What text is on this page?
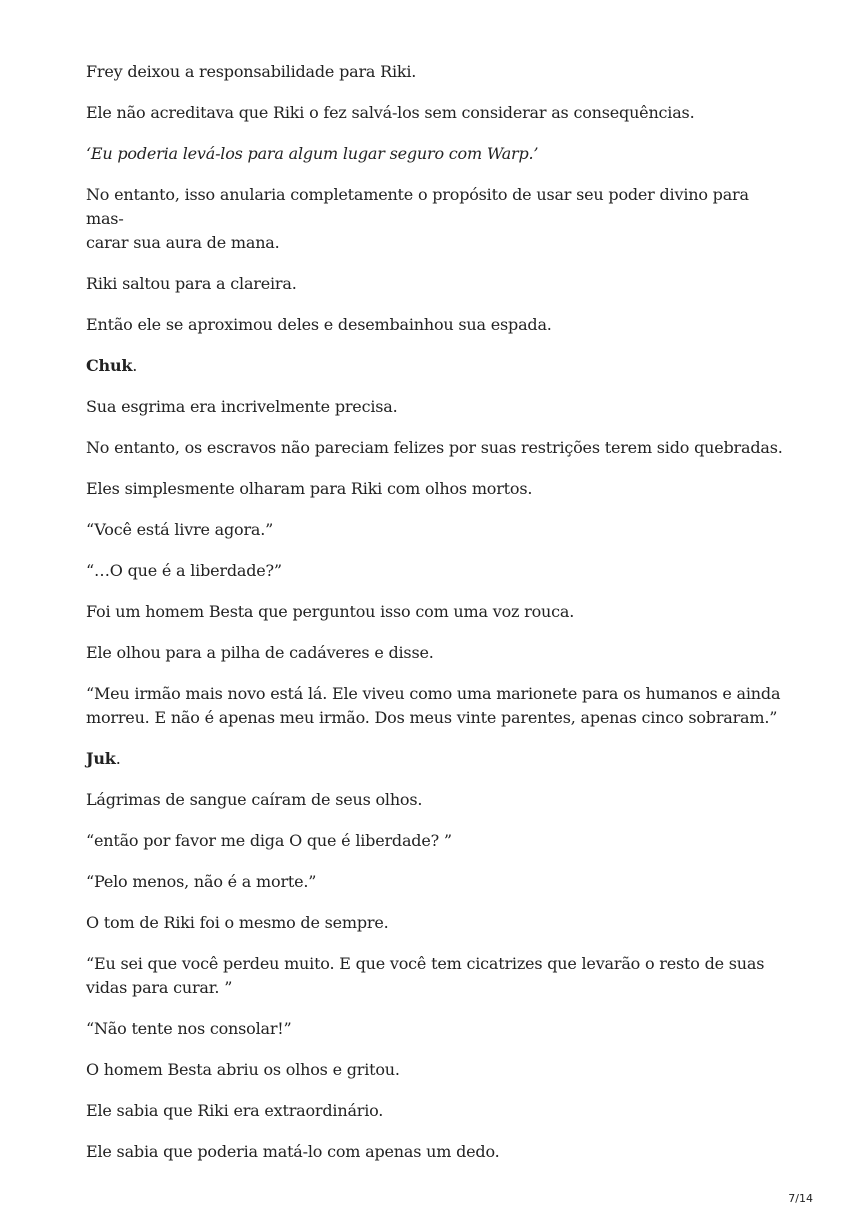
Frey deixou a responsabilidade para Riki.

Ele não acreditava que Riki o fez salvá-los sem considerar as consequências.

‘Eu poderia levá-los para algum lugar seguro com Warp.’

No entanto, isso anularia completamente o propósito de usar seu poder divino para mas-
carar sua aura de mana.

Riki saltou para a clareira.

Então ele se aproximou deles e desembainhou sua espada.

Chuk.

Sua esgrima era incrivelmente precisa.

No entanto, os escravos não pareciam felizes por suas restrições terem sido quebradas.

Eles simplesmente olharam para Riki com olhos mortos.

“Você está livre agora.”

“…O que é a liberdade?”

Foi um homem Besta que perguntou isso com uma voz rouca.

Ele olhou para a pilha de cadáveres e disse.

“Meu irmão mais novo está lá. Ele viveu como uma marionete para os humanos e ainda morreu. E não é apenas meu irmão. Dos meus vinte parentes, apenas cinco sobraram.”

Juk.

Lágrimas de sangue caíram de seus olhos.

“então por favor me diga O que é liberdade? ”

“Pelo menos, não é a morte.”

O tom de Riki foi o mesmo de sempre.

“Eu sei que você perdeu muito. E que você tem cicatrizes que levarão o resto de suas vidas para curar. ”

“Não tente nos consolar!”

O homem Besta abriu os olhos e gritou.

Ele sabia que Riki era extraordinário.

Ele sabia que poderia matá-lo com apenas um dedo.

7/14
